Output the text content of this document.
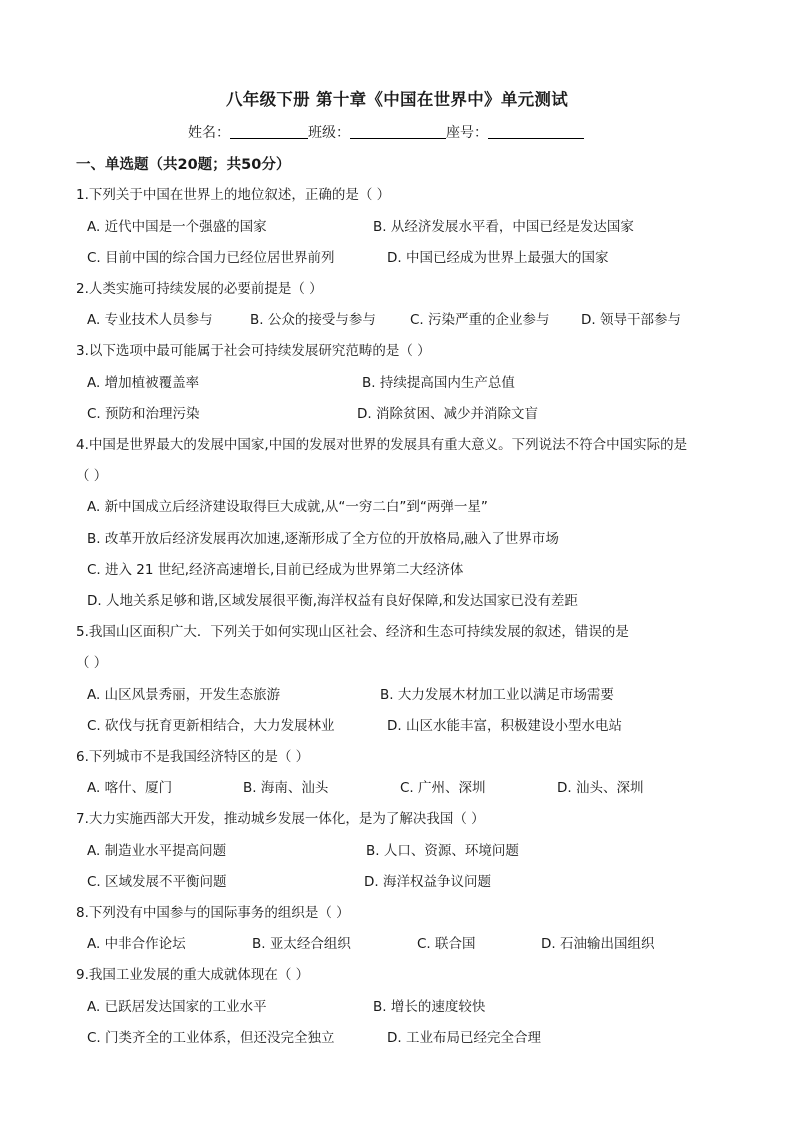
八年级下册 第十章《中国在世界中》单元测试
姓名：	班级：	座号：
一、单选题（共20题；共50分）
1.下列关于中国在世界上的地位叙述，正确的是（ ）
A. 近代中国是一个强盛的国家	B. 从经济发展水平看，中国已经是发达国家
C. 目前中国的综合国力已经位居世界前列	D. 中国已经成为世界上最强大的国家
2.人类实施可持续发展的必要前提是（ ）
A. 专业技术人员参与	B. 公众的接受与参与	C. 污染严重的企业参与 D. 领导干部参与
3.以下选项中最可能属于社会可持续发展研究范畴的是（ ）
A. 增加植被覆盖率	B. 持续提高国内生产总值
C. 预防和治理污染	D. 消除贫困、减少并消除文盲
4.中国是世界最大的发展中国家,中国的发展对世界的发展具有重大意义。下列说法不符合中国实际的是
（ ）
A. 新中国成立后经济建设取得巨大成就,从“一穷二白”到“两弹一星”
B. 改革开放后经济发展再次加速,逐渐形成了全方位的开放格局,融入了世界市场
C. 进入 21 世纪,经济高速增长,目前已经成为世界第二大经济体
D. 人地关系足够和谐,区域发展很平衡,海洋权益有良好保障,和发达国家已没有差距
5.我国山区面积广大．下列关于如何实现山区社会、经济和生态可持续发展的叙述，错误的是
（ ）
A. 山区风景秀丽，开发生态旅游	B. 大力发展木材加工业以满足市场需要
C. 砍伐与抚育更新相结合，大力发展林业	D. 山区水能丰富，积极建设小型水电站
6.下列城市不是我国经济特区的是（ ）
A. 喀什、厦门	B. 海南、汕头	C. 广州、深圳	D. 汕头、深圳
7.大力实施西部大开发，推动城乡发展一体化，是为了解决我国（ ）
A. 制造业水平提高问题	B. 人口、资源、环境问题
C. 区域发展不平衡问题	D. 海洋权益争议问题
8.下列没有中国参与的国际事务的组织是（ ）
A. 中非合作论坛	B. 亚太经合组织	C. 联合国	D. 石油输出国组织
9.我国工业发展的重大成就体现在（ ）
A. 已跃居发达国家的工业水平	B. 增长的速度较快
C. 门类齐全的工业体系，但还没完全独立	D. 工业布局已经完全合理
